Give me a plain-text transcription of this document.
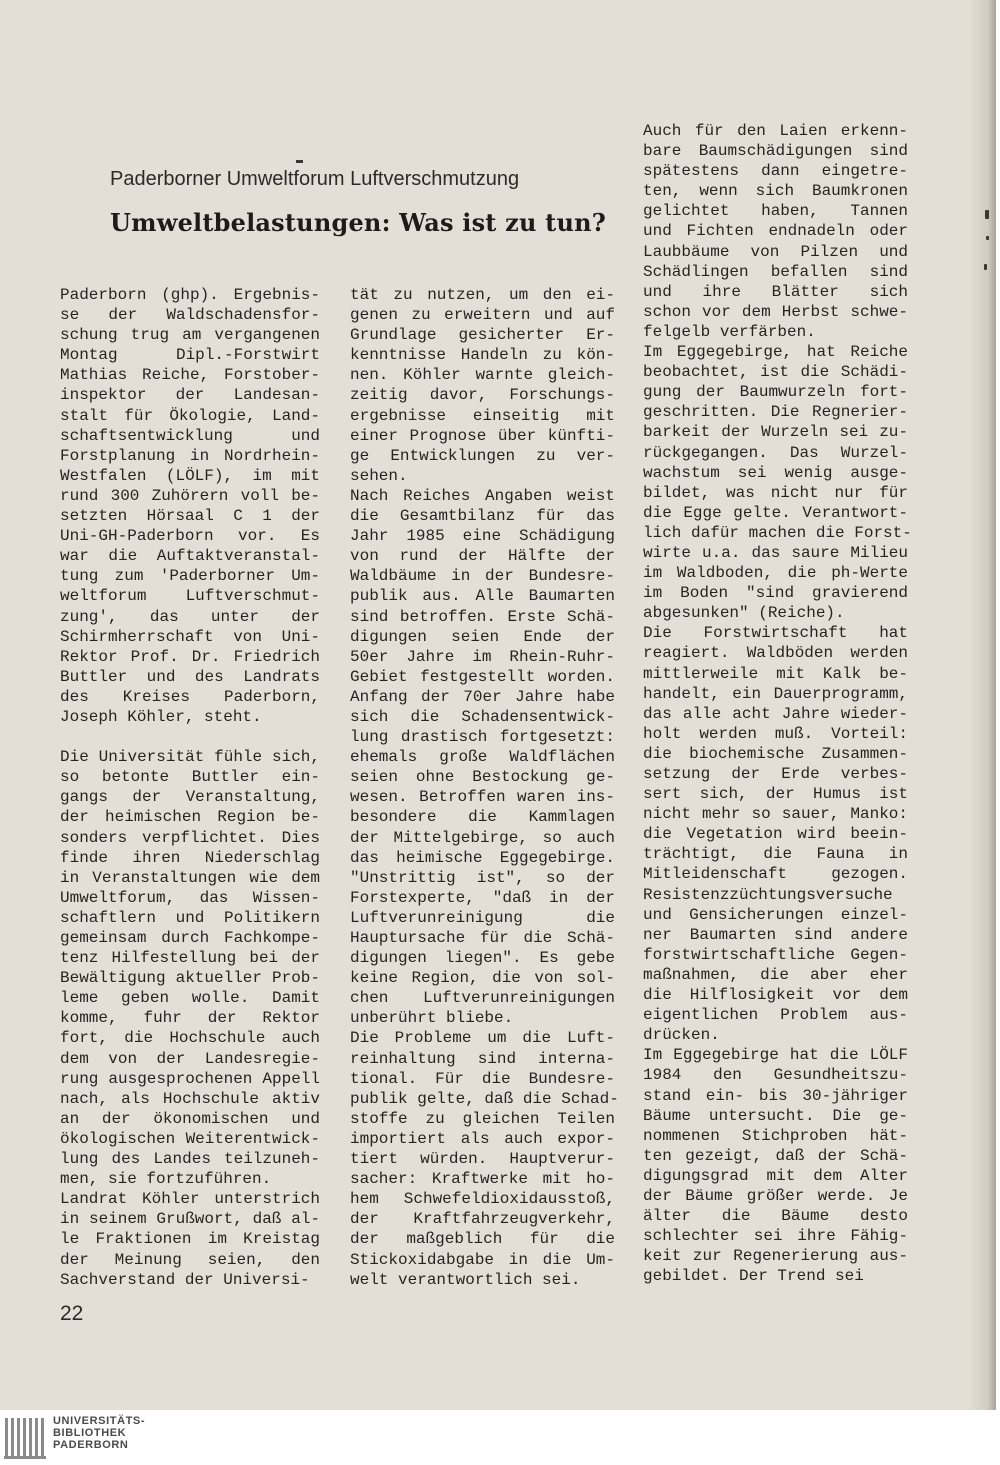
Paderborner Umweltforum Luftverschmutzung
Umweltbelastungen: Was ist zu tun?
Paderborn (ghp). Ergebnis-
se der Waldschadensfor-
schung trug am vergangenen
Montag Dipl.-Forstwirt
Mathias Reiche, Forstober-
inspektor der Landesan-
stalt für Ökologie, Land-
schaftsentwicklung und
Forstplanung in Nordrhein-
Westfalen (LÖLF), im mit
rund 300 Zuhörern voll be-
setzten Hörsaal C 1 der
Uni-GH-Paderborn vor. Es
war die Auftaktveranstal-
tung zum 'Paderborner Um-
weltforum Luftverschmut-
zung', das unter der
Schirmherrschaft von Uni-
Rektor Prof. Dr. Friedrich
Buttler und des Landrats
des Kreises Paderborn,
Joseph Köhler, steht.
Die Universität fühle sich,
so betonte Buttler ein-
gangs der Veranstaltung,
der heimischen Region be-
sonders verpflichtet. Dies
finde ihren Niederschlag
in Veranstaltungen wie dem
Umweltforum, das Wissen-
schaftlern und Politikern
gemeinsam durch Fachkompe-
tenz Hilfestellung bei der
Bewältigung aktueller Prob-
leme geben wolle. Damit
komme, fuhr der Rektor
fort, die Hochschule auch
dem von der Landesregie-
rung ausgesprochenen Appell
nach, als Hochschule aktiv
an der ökonomischen und
ökologischen Weiterentwick-
lung des Landes teilzuneh-
men, sie fortzuführen.
Landrat Köhler unterstrich
in seinem Grußwort, daß al-
le Fraktionen im Kreistag
der Meinung seien, den
Sachverstand der Universi-
tät zu nutzen, um den ei-
genen zu erweitern und auf
Grundlage gesicherter Er-
kenntnisse Handeln zu kön-
nen. Köhler warnte gleich-
zeitig davor, Forschungs-
ergebnisse einseitig mit
einer Prognose über künfti-
ge Entwicklungen zu ver-
sehen.
Nach Reiches Angaben weist
die Gesamtbilanz für das
Jahr 1985 eine Schädigung
von rund der Hälfte der
Waldbäume in der Bundesre-
publik aus. Alle Baumarten
sind betroffen. Erste Schä-
digungen seien Ende der
50er Jahre im Rhein-Ruhr-
Gebiet festgestellt worden.
Anfang der 70er Jahre habe
sich die Schadensentwick-
lung drastisch fortgesetzt:
ehemals große Waldflächen
seien ohne Bestockung ge-
wesen. Betroffen waren ins-
besondere die Kammlagen
der Mittelgebirge, so auch
das heimische Eggegebirge.
"Unstrittig ist", so der
Forstexperte, "daß in der
Luftverunreinigung die
Hauptursache für die Schä-
digungen liegen". Es gebe
keine Region, die von sol-
chen Luftverunreinigungen
unberührt bliebe.
Die Probleme um die Luft-
reinhaltung sind interna-
tional. Für die Bundesre-
publik gelte, daß die Schad-
stoffe zu gleichen Teilen
importiert als auch expor-
tiert würden. Hauptverur-
sacher: Kraftwerke mit ho-
hem Schwefeldioxidausstoß,
der Kraftfahrzeugverkehr,
der maßgeblich für die
Stickoxidabgabe in die Um-
welt verantwortlich sei.
Auch für den Laien erkenn-
bare Baumschädigungen sind
spätestens dann eingetre-
ten, wenn sich Baumkronen
gelichtet haben, Tannen
und Fichten endnadeln oder
Laubbäume von Pilzen und
Schädlingen befallen sind
und ihre Blätter sich
schon vor dem Herbst schwe-
felgelb verfärben.
Im Eggegebirge, hat Reiche
beobachtet, ist die Schädi-
gung der Baumwurzeln fort-
geschritten. Die Regnerier-
barkeit der Wurzeln sei zu-
rückgegangen. Das Wurzel-
wachstum sei wenig ausge-
bildet, was nicht nur für
die Egge gelte. Verantwort-
lich dafür machen die Forst-
wirte u.a. das saure Milieu
im Waldboden, die ph-Werte
im Boden "sind gravierend
abgesunken" (Reiche).
Die Forstwirtschaft hat
reagiert. Waldböden werden
mittlerweile mit Kalk be-
handelt, ein Dauerprogramm,
das alle acht Jahre wieder-
holt werden muß. Vorteil:
die biochemische Zusammen-
setzung der Erde verbes-
sert sich, der Humus ist
nicht mehr so sauer, Manko:
die Vegetation wird beein-
trächtigt, die Fauna in
Mitleidenschaft gezogen.
Resistenzzüchtungsversuche
und Gensicherungen einzel-
ner Baumarten sind andere
forstwirtschaftliche Gegen-
maßnahmen, die aber eher
die Hilflosigkeit vor dem
eigentlichen Problem aus-
drücken.
Im Eggegebirge hat die LÖLF
1984 den Gesundheitszu-
stand ein- bis 30-jähriger
Bäume untersucht. Die ge-
nommenen Stichproben hät-
ten gezeigt, daß der Schä-
digungsgrad mit dem Alter
der Bäume größer werde. Je
älter die Bäume desto
schlechter sei ihre Fähig-
keit zur Regenerierung aus-
gebildet. Der Trend sei
22
UNIVERSITÄTS-
BIBLIOTHEK
PADERBORN
